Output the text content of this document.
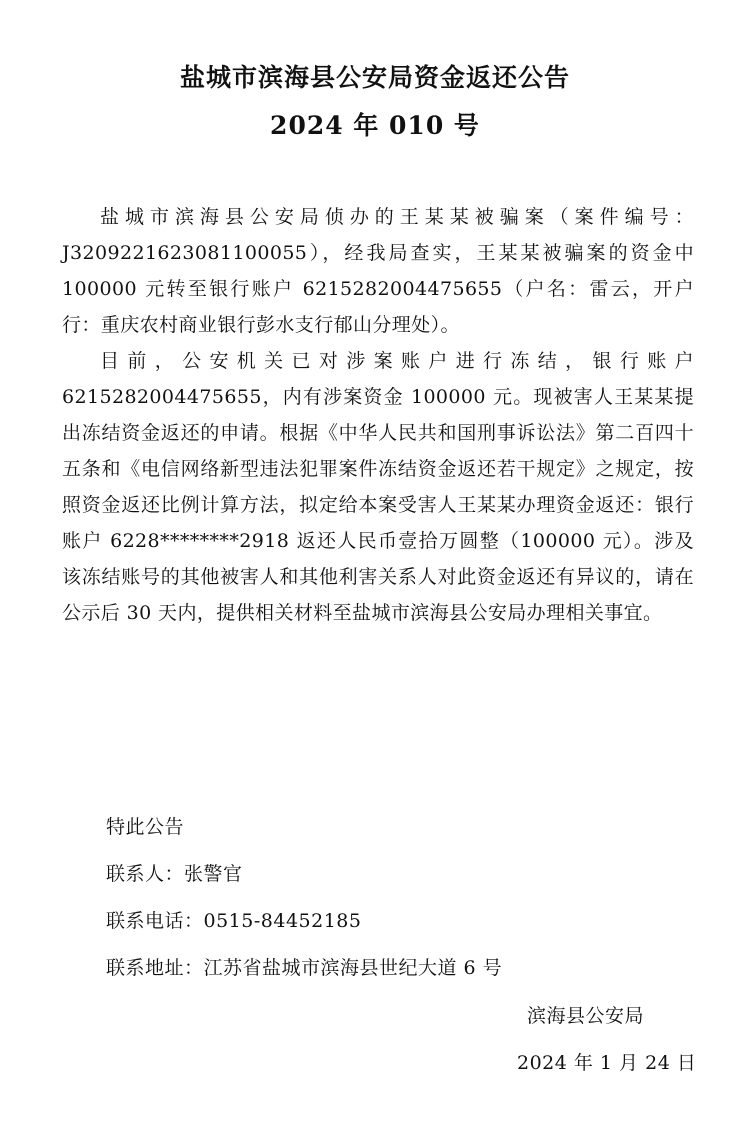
盐城市滨海县公安局资金返还公告
2024 年 010 号

盐城市滨海县公安局侦办的王某某被骗案（案件编号：J3209221623081100055），经我局查实，王某某被骗案的资金中 100000 元转至银行账户 6215282004475655（户名：雷云，开户行：重庆农村商业银行彭水支行郁山分理处）。

目前，公安机关已对涉案账户进行冻结，银行账户 6215282004475655，内有涉案资金 100000 元。现被害人王某某提出冻结资金返还的申请。根据《中华人民共和国刑事诉讼法》第二百四十五条和《电信网络新型违法犯罪案件冻结资金返还若干规定》之规定，按照资金返还比例计算方法，拟定给本案受害人王某某办理资金返还：银行账户 6228********2918 返还人民币壹拾万圆整（100000 元）。涉及该冻结账号的其他被害人和其他利害关系人对此资金返还有异议的，请在公示后 30 天内，提供相关材料至盐城市滨海县公安局办理相关事宜。

特此公告
联系人：张警官
联系电话：0515-84452185
联系地址：江苏省盐城市滨海县世纪大道 6 号
滨海县公安局
2024 年 1 月 24 日
